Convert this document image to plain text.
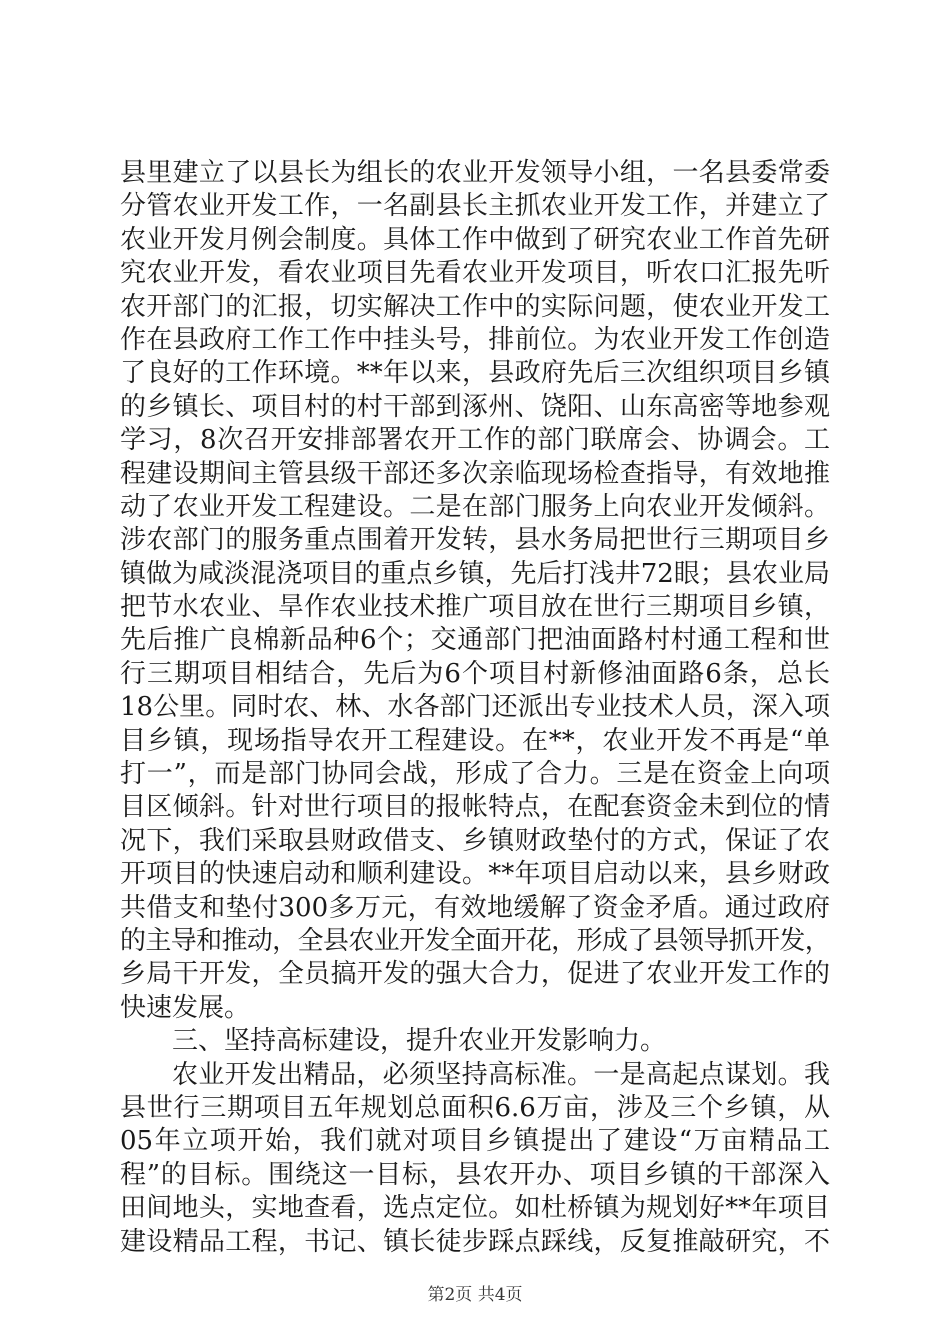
县里建立了以县长为组长的农业开发领导小组，一名县委常委
分管农业开发工作，一名副县长主抓农业开发工作，并建立了
农业开发月例会制度。具体工作中做到了研究农业工作首先研
究农业开发，看农业项目先看农业开发项目，听农口汇报先听
农开部门的汇报，切实解决工作中的实际问题，使农业开发工
作在县政府工作工作中挂头号，排前位。为农业开发工作创造
了良好的工作环境。**年以来，县政府先后三次组织项目乡镇
的乡镇长、项目村的村干部到涿州、饶阳、山东高密等地参观
学习，8次召开安排部署农开工作的部门联席会、协调会。工
程建设期间主管县级干部还多次亲临现场检查指导，有效地推
动了农业开发工程建设。二是在部门服务上向农业开发倾斜。
涉农部门的服务重点围着开发转，县水务局把世行三期项目乡
镇做为咸淡混浇项目的重点乡镇，先后打浅井72眼；县农业局
把节水农业、旱作农业技术推广项目放在世行三期项目乡镇，
先后推广良棉新品种6个；交通部门把油面路村村通工程和世
行三期项目相结合，先后为6个项目村新修油面路6条，总长
18公里。同时农、林、水各部门还派出专业技术人员，深入项
目乡镇，现场指导农开工程建设。在**，农业开发不再是“单
打一”，而是部门协同会战，形成了合力。三是在资金上向项
目区倾斜。针对世行项目的报帐特点，在配套资金未到位的情
况下，我们采取县财政借支、乡镇财政垫付的方式，保证了农
开项目的快速启动和顺利建设。**年项目启动以来，县乡财政
共借支和垫付300多万元，有效地缓解了资金矛盾。通过政府
的主导和推动，全县农业开发全面开花，形成了县领导抓开发，
乡局干开发，全员搞开发的强大合力，促进了农业开发工作的
快速发展。
三、坚持高标建设，提升农业开发影响力。
农业开发出精品，必须坚持高标准。一是高起点谋划。我
县世行三期项目五年规划总面积6.6万亩，涉及三个乡镇，从
05年立项开始，我们就对项目乡镇提出了建设“万亩精品工
程”的目标。围绕这一目标，县农开办、项目乡镇的干部深入
田间地头，实地查看，选点定位。如杜桥镇为规划好**年项目
建设精品工程，书记、镇长徒步踩点踩线，反复推敲研究，不
第2页 共4页
